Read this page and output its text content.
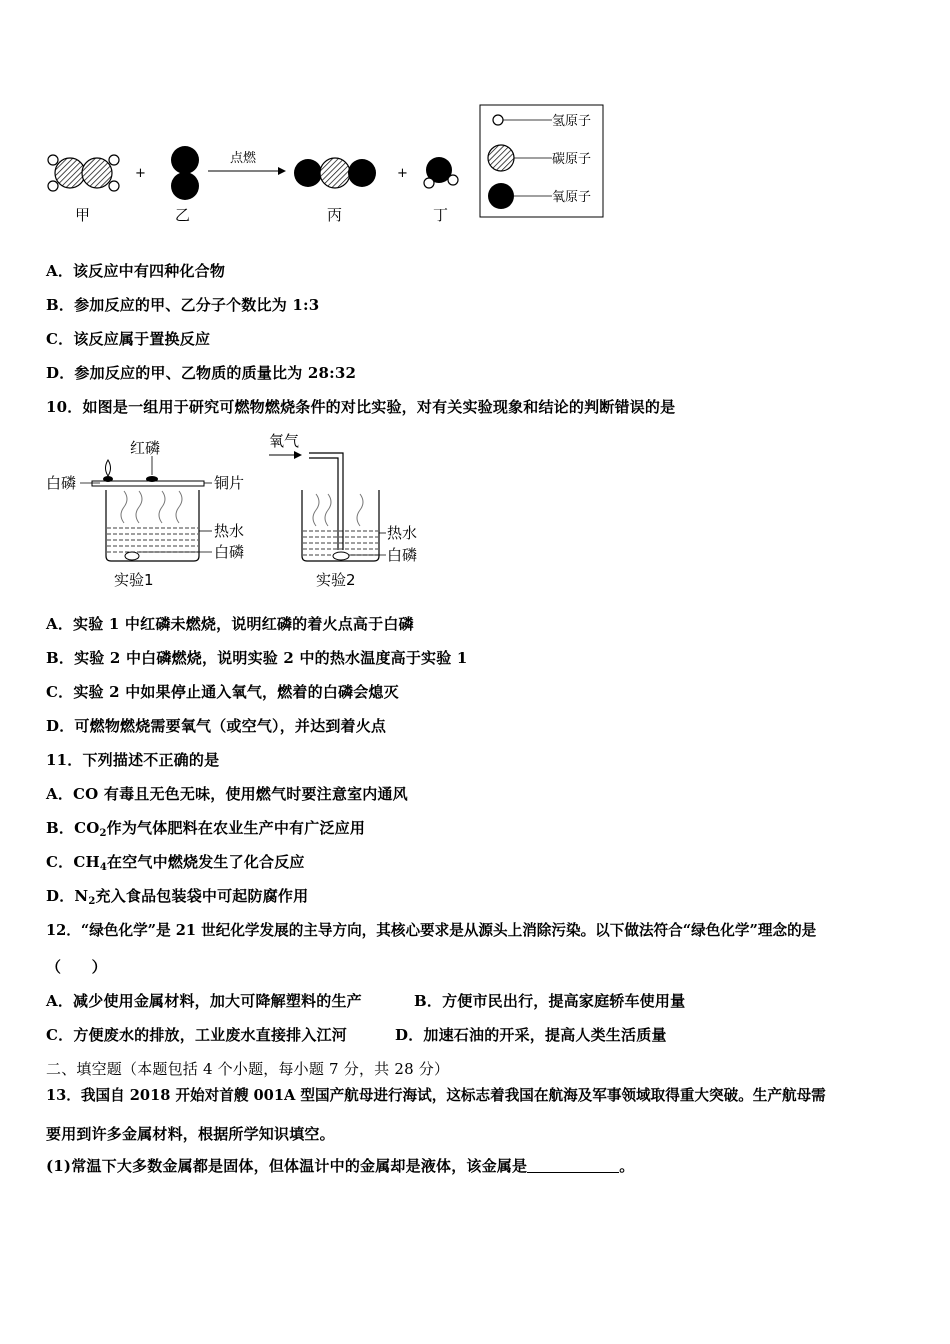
+
点燃
+
甲	乙	丙	丁
氢原子
碳原子
氧原子
A．该反应中有四种化合物
B．参加反应的甲、乙分子个数比为 1:3
C．该反应属于置换反应
D．参加反应的甲、乙物质的质量比为 28:32
10．如图是一组用于研究可燃物燃烧条件的对比实验，对有关实验现象和结论的判断错误的是
红磷
白磷	铜片
热水
白磷
实验1
氧气
热水
白磷
实验2
A．实验 1 中红磷未燃烧，说明红磷的着火点高于白磷
B．实验 2 中白磷燃烧，说明实验 2 中的热水温度高于实验 1
C．实验 2 中如果停止通入氧气，燃着的白磷会熄灭
D．可燃物燃烧需要氧气（或空气），并达到着火点
11．下列描述不正确的是
A．CO 有毒且无色无味，使用燃气时要注意室内通风
B．$CO_2$作为气体肥料在农业生产中有广泛应用
C．$CH_4$在空气中燃烧发生了化合反应
D．$N_2$充入食品包装袋中可起防腐作用
12．“绿色化学”是 21 世纪化学发展的主导方向，其核心要求是从源头上消除污染。以下做法符合“绿色化学”理念的是
（　　）
A．减少使用金属材料，加大可降解塑料的生产	B．方便市民出行，提高家庭轿车使用量
C．方便废水的排放，工业废水直接排入江河	D．加速石油的开采，提高人类生活质量
二、填空题（本题包括 4 个小题，每小题 7 分，共 28 分）
13．我国自 2018 开始对首艘 001A 型国产航母进行海试，这标志着我国在航海及军事领域取得重大突破。生产航母需
要用到许多金属材料，根据所学知识填空。
(1)常温下大多数金属都是固体，但体温计中的金属却是液体，该金属是	。
